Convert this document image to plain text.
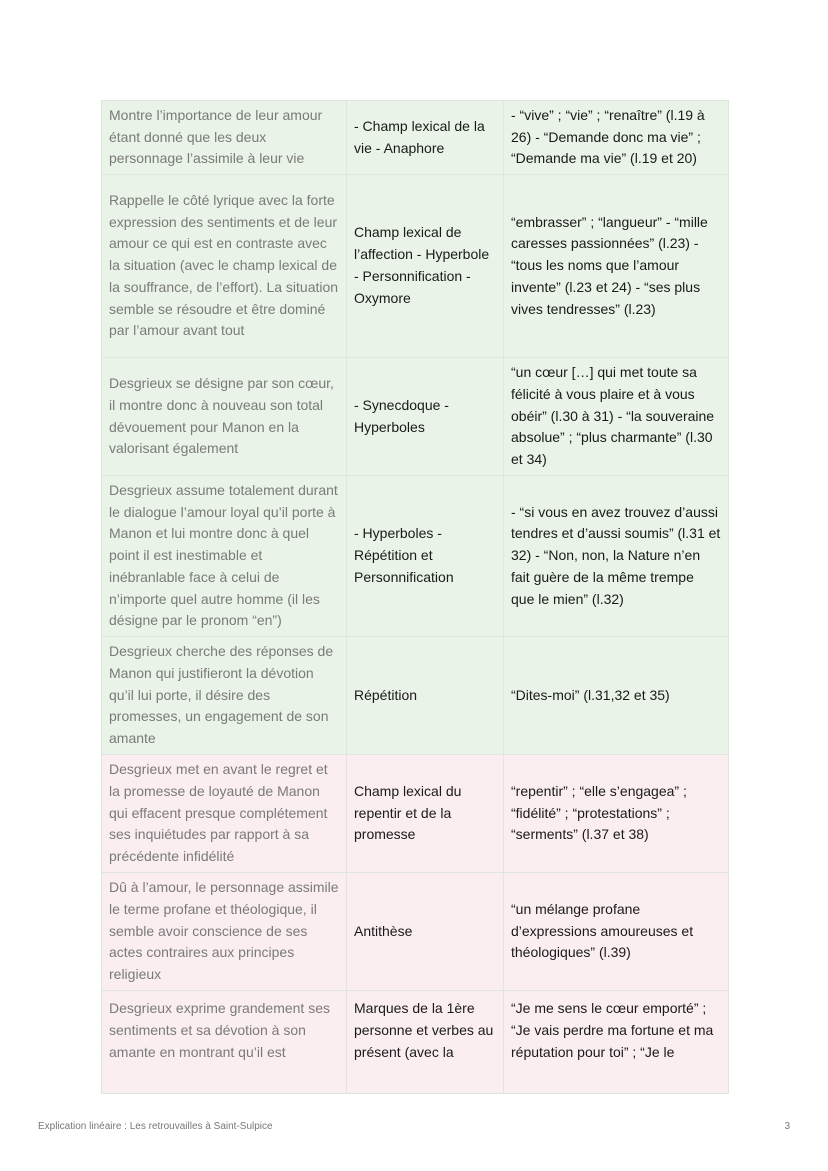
Montre l’importance de leur amour étant donné que les deux personnage l’assimile à leur vie	- Champ lexical de la vie - Anaphore	- “vive” ; “vie” ; “renaître” (l.19 à 26) - “Demande donc ma vie” ; “Demande ma vie” (l.19 et 20)
Rappelle le côté lyrique avec la forte expression des sentiments et de leur amour ce qui est en contraste avec la situation (avec le champ lexical de la souffrance, de l’effort). La situation semble se résoudre et être dominé par l’amour avant tout	Champ lexical de l’affection - Hyperbole - Personnification - Oxymore	“embrasser” ; “langueur” - “mille caresses passionnées” (l.23) - “tous les noms que l’amour invente” (l.23 et 24) - “ses plus vives tendresses” (l.23)
Desgrieux se désigne par son cœur, il montre donc à nouveau son total dévouement pour Manon en la valorisant également	- Synecdoque - Hyperboles	“un cœur […] qui met toute sa félicité à vous plaire et à vous obéir” (l.30 à 31) - “la souveraine absolue” ; “plus charmante” (l.30 et 34)
Desgrieux assume totalement durant le dialogue l’amour loyal qu’il porte à Manon et lui montre donc à quel point il est inestimable et inébranlable face à celui de n’importe quel autre homme (il les désigne par le pronom “en”)	- Hyperboles - Répétition et Personnification	- “si vous en avez trouvez d’aussi tendres et d’aussi soumis” (l.31 et 32) - “Non, non, la Nature n’en fait guère de la même trempe que le mien” (l.32)
Desgrieux cherche des réponses de Manon qui justifieront la dévotion qu’il lui porte, il désire des promesses, un engagement de son amante	Répétition	“Dites-moi” (l.31,32 et 35)
Desgrieux met en avant le regret et la promesse de loyauté de Manon qui effacent presque complétement ses inquiétudes par rapport à sa précédente infidélité	Champ lexical du repentir et de la promesse	“repentir” ; “elle s’engagea” ; “fidélité” ; “protestations” ; “serments” (l.37 et 38)
Dû à l’amour, le personnage assimile le terme profane et théologique, il semble avoir conscience de ses actes contraires aux principes religieux	Antithèse	“un mélange profane d’expressions amoureuses et théologiques” (l.39)

Desgrieux exprime grandement ses sentiments et sa dévotion à son amante en montrant qu’il est	Marques de la 1ère personne et verbes au présent (avec la	“Je me sens le cœur emporté” ; “Je vais perdre ma fortune et ma réputation pour toi” ; “Je le
Explication linéaire : Les retrouvailles à Saint-Sulpice	3
